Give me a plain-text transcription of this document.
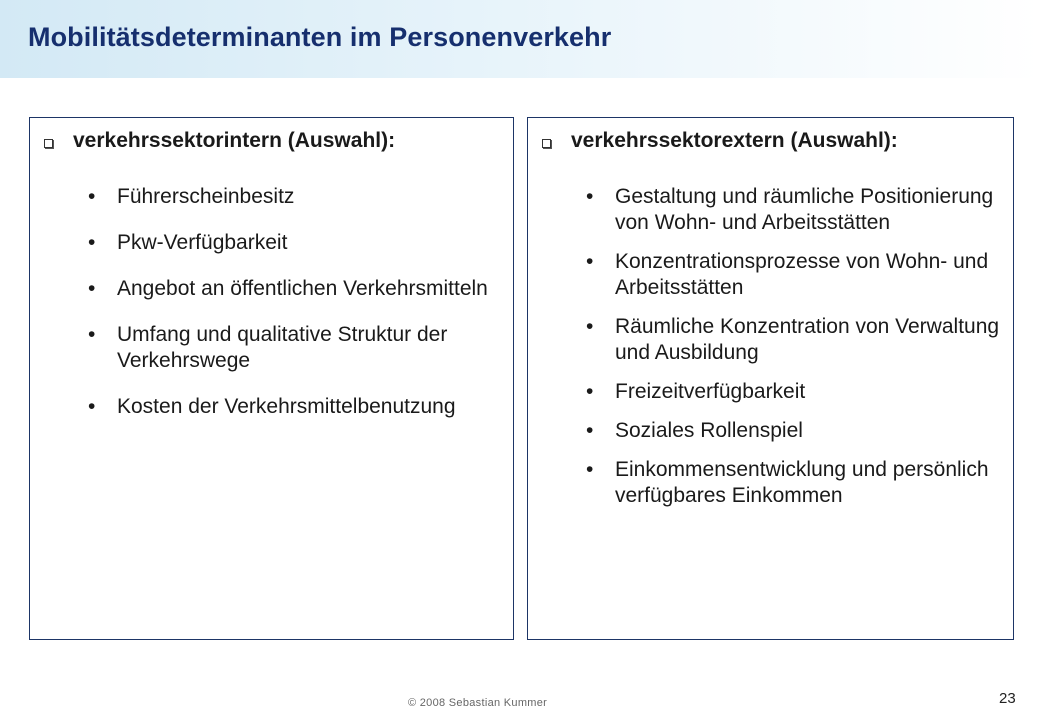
Mobilitätsdeterminanten im Personenverkehr
verkehrssektorintern (Auswahl):
• Führerscheinbesitz
• Pkw-Verfügbarkeit
• Angebot an öffentlichen Verkehrsmitteln
• Umfang und qualitative Struktur der Verkehrswege
• Kosten der Verkehrsmittelbenutzung
verkehrssektorextern (Auswahl):
• Gestaltung und räumliche Positionierung von Wohn- und Arbeitsstätten
• Konzentrationsprozesse von Wohn- und Arbeitsstätten
• Räumliche Konzentration von Verwaltung und Ausbildung
• Freizeitverfügbarkeit
• Soziales Rollenspiel
• Einkommensentwicklung und persönlich verfügbares Einkommen
© 2008 Sebastian Kummer	23
